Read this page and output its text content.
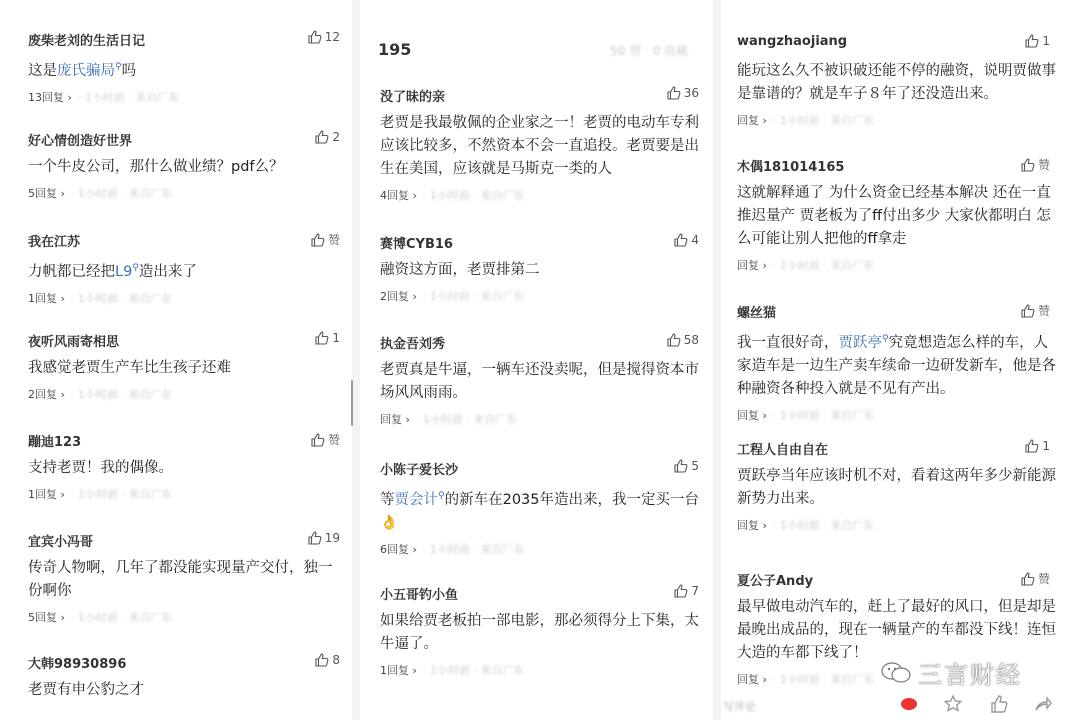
废柴老刘的生活日记	12
这是庞氏骗局⚲吗
13回复 › · 1小时前 · 来自广东
好心情创造好世界	2
一个牛皮公司，那什么做业绩？pdf么？
5回复 › · 1小时前 · 来自广东
我在江苏	赞
力帆都已经把L9⚲造出来了
1回复 › · 1小时前 · 来自广东
夜听风雨寄相思	1
我感觉老贾生产车比生孩子还难
2回复 › · 1小时前 · 来自广东
蹦迪123	赞
支持老贾！我的偶像。
1回复 › · 1小时前 · 来自广东
宜宾小冯哥	19
传奇人物啊，几年了都没能实现量产交付，独一份啊你
5回复 › · 1小时前 · 来自广东
大韩98930896	8
老贾有申公豹之才
195	50 赞 · 0 收藏
没了昧的亲	36
老贾是我最敬佩的企业家之一！老贾的电动车专利应该比较多，不然资本不会一直追投。老贾要是出生在美国，应该就是马斯克一类的人
4回复 › · 1小时前 · 来自广东
赛博CYB16	4
融资这方面，老贾排第二
2回复 › · 1小时前 · 来自广东
执金吾刘秀	58
老贾真是牛逼，一辆车还没卖呢，但是搅得资本市场风风雨雨。
回复 › · 1小时前 · 来自广东
小陈子爱长沙	5
等贾会计⚲的新车在2035年造出来，我一定买一台👌
6回复 › · 1小时前 · 来自广东
小五哥钓小鱼	7
如果给贾老板拍一部电影，那必须得分上下集，太牛逼了。
1回复 › · 1小时前 · 来自广东
写评论
wangzhaojiang	1
能玩这么久不被识破还能不停的融资，说明贾做事是靠谱的？就是车子８年了还没造出来。
回复 › · 1小时前 · 来自广东
木偶181014165	赞
这就解释通了 为什么资金已经基本解决 还在一直推迟量产 贾老板为了ff付出多少 大家伙都明白 怎么可能让别人把他的ff拿走
回复 › · 1小时前 · 来自广东
螺丝猫	赞
我一直很好奇，贾跃亭⚲究竟想造怎么样的车，人家造车是一边生产卖车续命一边研发新车，他是各种融资各种投入就是不见有产出。
回复 › · 1小时前 · 来自广东
工程人自由自在	1
贾跃亭当年应该时机不对，看着这两年多少新能源新势力出来。
回复 › · 1小时前 · 来自广东
夏公子Andy	赞
最早做电动汽车的，赶上了最好的风口，但是却是最晚出成品的，现在一辆量产的车都没下线！连恒大造的车都下线了！
回复 › · 1小时前 · 来自广东 三言财经
